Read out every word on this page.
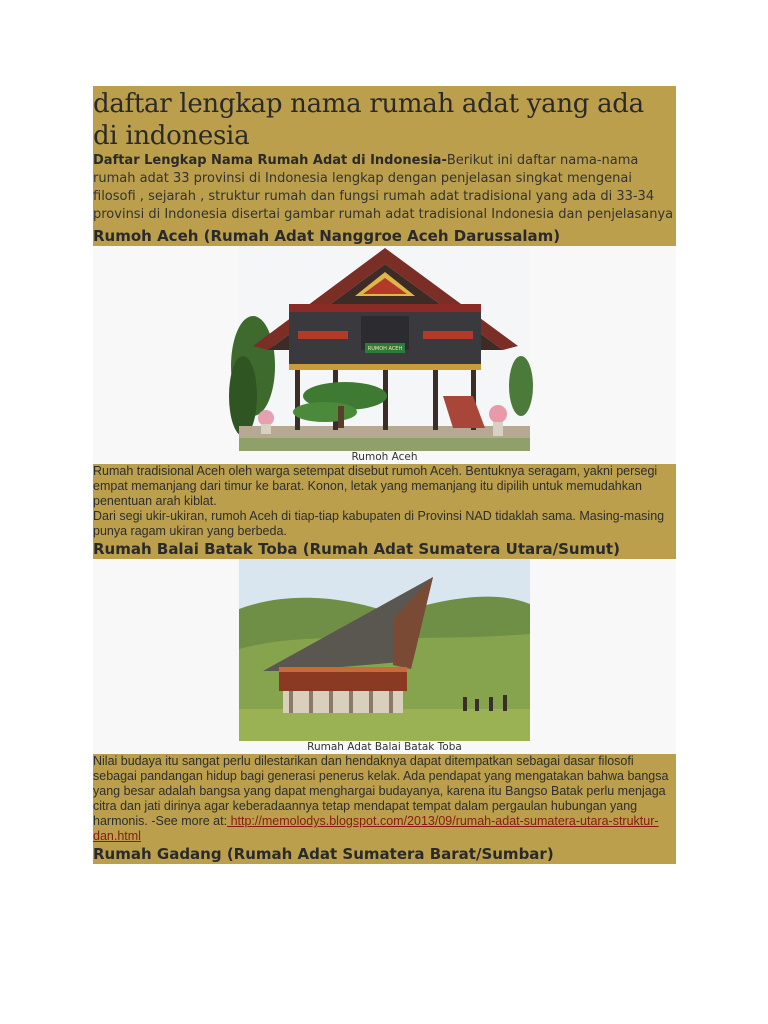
daftar lengkap nama rumah adat yang ada di indonesia
Daftar Lengkap Nama Rumah Adat di Indonesia-Berikut ini daftar nama-nama rumah adat 33 provinsi di Indonesia lengkap dengan penjelasan singkat mengenai filosofi , sejarah , struktur rumah dan fungsi rumah adat tradisional yang ada di 33-34 provinsi di Indonesia disertai gambar rumah adat tradisional Indonesia dan penjelasanya
Rumoh Aceh (Rumah Adat Nanggroe Aceh Darussalam)
RUMOH ACEH
Rumoh Aceh
Rumah tradisional Aceh oleh warga setempat disebut rumoh Aceh. Bentuknya seragam, yakni persegi empat memanjang dari timur ke barat. Konon, letak yang memanjang itu dipilih untuk memudahkan penentuan arah kiblat.
Dari segi ukir-ukiran, rumoh Aceh di tiap-tiap kabupaten di Provinsi NAD tidaklah sama. Masing-masing punya ragam ukiran yang berbeda.
Rumah Balai Batak Toba (Rumah Adat Sumatera Utara/Sumut)
Rumah Adat Balai Batak Toba
Nilai budaya itu sangat perlu dilestarikan dan hendaknya dapat ditempatkan sebagai dasar filosofi sebagai pandangan hidup bagi generasi penerus kelak. Ada pendapat yang mengatakan bahwa bangsa yang besar adalah bangsa yang dapat menghargai budayanya, karena itu Bangso Batak perlu menjaga citra dan jati dirinya agar keberadaannya tetap mendapat tempat dalam pergaulan hubungan yang harmonis. -See more at: http://memolodys.blogspot.com/2013/09/rumah-adat-sumatera-utara-struktur-dan.html
Rumah Gadang (Rumah Adat Sumatera Barat/Sumbar)
